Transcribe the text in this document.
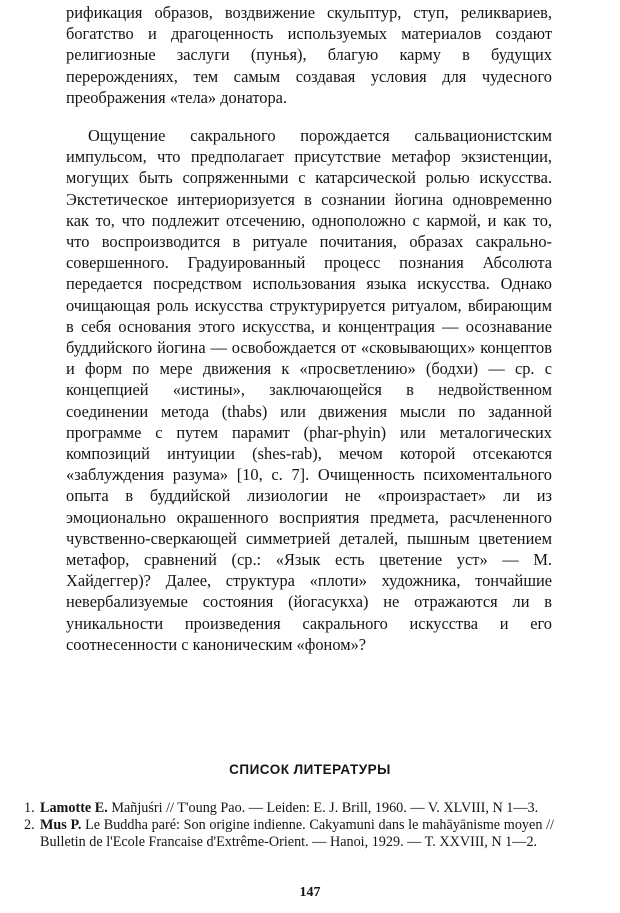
рификация образов, воздвижение скульптур, ступ, реликвариев, богатство и драгоценность используемых материалов создают религиозные заслуги (пунья), благую карму в будущих перерождениях, тем самым создавая условия для чудесного преображения «тела» донатора.

Ощущение сакрального порождается сальвационистским импульсом, что предполагает присутствие метафор экзистенции, могущих быть сопряженными с катарсической ролью искусства. Экстетическое интериоризуется в сознании йогина одновременно как то, что подлежит отсечению, одноположно с кармой, и как то, что воспроизводится в ритуале почитания, образах сакрально-совершенного. Градуированный процесс познания Абсолюта передается посредством использования языка искусства. Однако очищающая роль искусства структурируется ритуалом, вбирающим в себя основания этого искусства, и концентрация — осознавание буддийского йогина — освобождается от «сковывающих» концептов и форм по мере движения к «просветлению» (бодхи) — ср. с концепцией «истины», заключающейся в недвойственном соединении метода (thabs) или движения мысли по заданной программе с путем парамит (phar-phyin) или металогических композиций интуиции (shes-rab), мечом которой отсекаются «заблуждения разума» [10, с. 7]. Очищенность психоментального опыта в буддийской лизиологии не «произрастает» ли из эмоционально окрашенного восприятия предмета, расчлененного чувственно-сверкающей симметрией деталей, пышным цветением метафор, сравнений (ср.: «Язык есть цветение уст» — М. Хайдеггер)? Далее, структура «плоти» художника, тончайшие невербализуемые состояния (йогасукха) не отражаются ли в уникальности произведения сакрального искусства и его соотнесенности с каноническим «фоном»?

СПИСОК ЛИТЕРАТУРЫ
1. Lamotte E. Mañjuśri // T'oung Pao. — Leiden: E. J. Brill, 1960. — V. XLVIII, N 1—3.
2. Mus P. Le Buddha paré: Son origine indienne. Cakyamuni dans le mahāyānisme moyen // Bulletin de l'Ecole Francaise d'Extrême-Orient. — Hanoi, 1929. — T. XXVIII, N 1—2.
147
